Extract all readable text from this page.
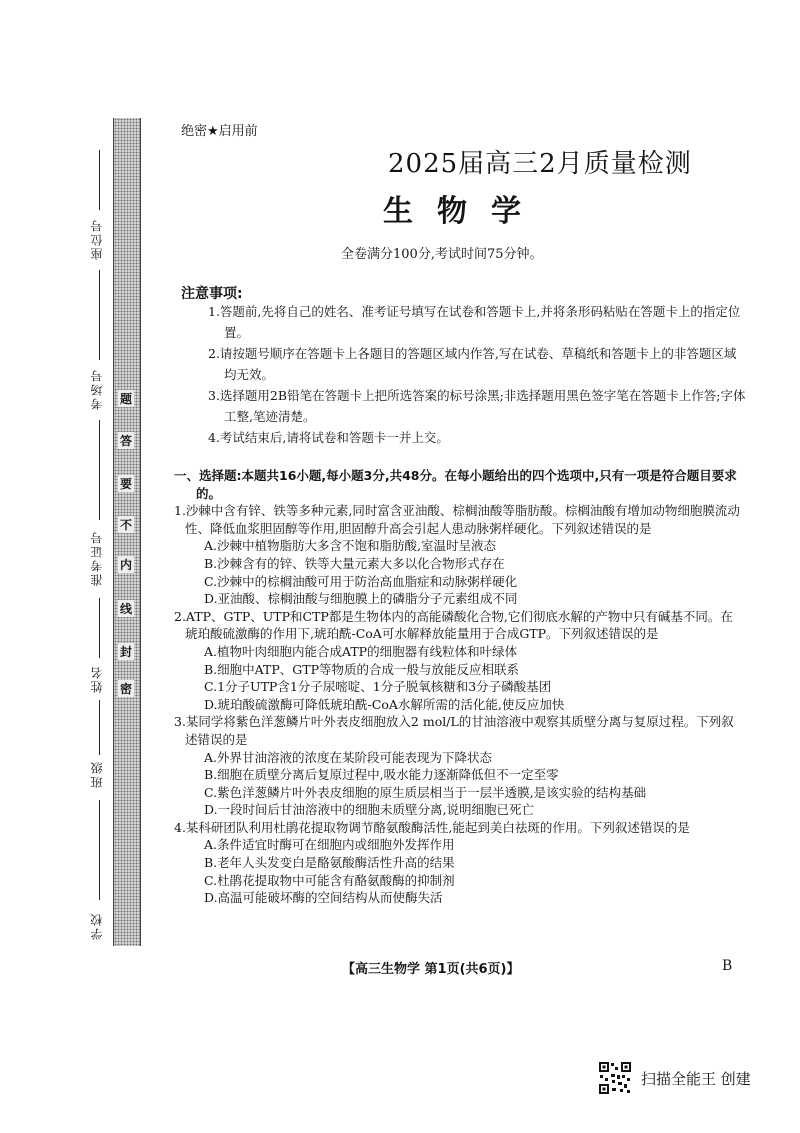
座位号
考场号
准考证号
姓名
班级
学校
密
封
线
内
不
要
答
题
绝密★启用前
2025届高三2月质量检测
生物学
全卷满分100分,考试时间75分钟。
注意事项:

1.答题前,先将自己的姓名、准考证号填写在试卷和答题卡上,并将条形码粘贴在答题卡上的指定位置。

2.请按题号顺序在答题卡上各题目的答题区域内作答,写在试卷、草稿纸和答题卡上的非答题区域均无效。

3.选择题用2B铅笔在答题卡上把所选答案的标号涂黑;非选择题用黑色签字笔在答题卡上作答;字体工整,笔迹清楚。

4.考试结束后,请将试卷和答题卡一并上交。

一、选择题:本题共16小题,每小题3分,共48分。在每小题给出的四个选项中,只有一项是符合题目要求的。
1.沙棘中含有锌、铁等多种元素,同时富含亚油酸、棕榈油酸等脂肪酸。棕榈油酸有增加动物细胞膜流动性、降低血浆胆固醇等作用,胆固醇升高会引起人患动脉粥样硬化。下列叙述错误的是

A.沙棘中植物脂肪大多含不饱和脂肪酸,室温时呈液态

B.沙棘含有的锌、铁等大量元素大多以化合物形式存在

C.沙棘中的棕榈油酸可用于防治高血脂症和动脉粥样硬化

D.亚油酸、棕榈油酸与细胞膜上的磷脂分子元素组成不同

2.ATP、GTP、UTP和CTP都是生物体内的高能磷酸化合物,它们彻底水解的产物中只有碱基不同。在琥珀酸硫激酶的作用下,琥珀酰-CoA可水解释放能量用于合成GTP。下列叙述错误的是

A.植物叶肉细胞内能合成ATP的细胞器有线粒体和叶绿体

B.细胞中ATP、GTP等物质的合成一般与放能反应相联系

C.1分子UTP含1分子尿嘧啶、1分子脱氧核糖和3分子磷酸基团

D.琥珀酸硫激酶可降低琥珀酰-CoA水解所需的活化能,使反应加快

3.某同学将紫色洋葱鳞片叶外表皮细胞放入2 mol/L的甘油溶液中观察其质壁分离与复原过程。下列叙述错误的是

A.外界甘油溶液的浓度在某阶段可能表现为下降状态

B.细胞在质壁分离后复原过程中,吸水能力逐渐降低但不一定至零

C.紫色洋葱鳞片叶外表皮细胞的原生质层相当于一层半透膜,是该实验的结构基础

D.一段时间后甘油溶液中的细胞未质壁分离,说明细胞已死亡

4.某科研团队利用杜鹃花提取物调节酪氨酸酶活性,能起到美白祛斑的作用。下列叙述错误的是

A.条件适宜时酶可在细胞内或细胞外发挥作用

B.老年人头发变白是酪氨酸酶活性升高的结果

C.杜鹃花提取物中可能含有酪氨酸酶的抑制剂

D.高温可能破坏酶的空间结构从而使酶失活

【高三生物学 第1页(共6页)】	B
扫描全能王 创建
